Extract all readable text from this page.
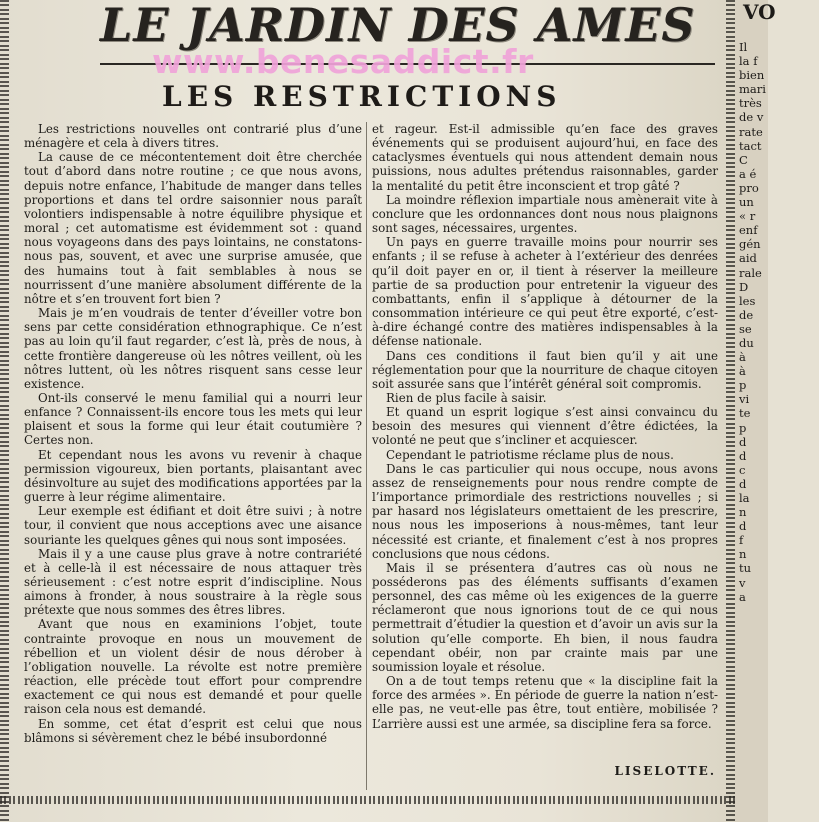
LE JARDIN DES AMES
LES RESTRICTIONS
www.benesaddict.fr

Les restrictions nouvelles ont contrarié plus d’une ménagère et cela à divers titres.

La cause de ce mécontentement doit être cherchée tout d’abord dans notre routine ; ce que nous avons, depuis notre enfance, l’habitude de manger dans telles proportions et dans tel ordre saisonnier nous paraît volontiers indispensable à notre équilibre physique et moral ; cet automatisme est évidemment sot : quand nous voyageons dans des pays lointains, ne constatons-nous pas, souvent, et avec une surprise amusée, que des humains tout à fait semblables à nous se nourrissent d’une manière absolument différente de la nôtre et s’en trouvent fort bien ?

Mais je m’en voudrais de tenter d’éveiller votre bon sens par cette considération ethnographique. Ce n’est pas au loin qu’il faut regarder, c’est là, près de nous, à cette frontière dangereuse où les nôtres veillent, où les nôtres luttent, où les nôtres risquent sans cesse leur existence.

Ont-ils conservé le menu familial qui a nourri leur enfance ? Connaissent-ils encore tous les mets qui leur plaisent et sous la forme qui leur était coutumière ? Certes non.

Et cependant nous les avons vu revenir à chaque permission vigoureux, bien portants, plaisantant avec désinvolture au sujet des modifications apportées par la guerre à leur régime alimentaire.

Leur exemple est édifiant et doit être suivi ; à notre tour, il convient que nous acceptions avec une aisance souriante les quelques gênes qui nous sont imposées.

Mais il y a une cause plus grave à notre contrariété et à celle-là il est nécessaire de nous attaquer très sérieusement : c’est notre esprit d’indiscipline. Nous aimons à fronder, à nous soustraire à la règle sous prétexte que nous sommes des êtres libres.

Avant que nous en examinions l’objet, toute contrainte provoque en nous un mouvement de rébellion et un violent désir de nous dérober à l’obligation nouvelle. La révolte est notre première réaction, elle précède tout effort pour comprendre exactement ce qui nous est demandé et pour quelle raison cela nous est demandé.

En somme, cet état d’esprit est celui que nous blâmons si sévèrement chez le bébé insubordonné

et rageur. Est-il admissible qu’en face des graves événements qui se produisent aujourd’hui, en face des cataclysmes éventuels qui nous attendent demain nous puissions, nous adultes prétendus raisonnables, garder la mentalité du petit être inconscient et trop gâté ?

La moindre réflexion impartiale nous amènerait vite à conclure que les ordonnances dont nous nous plaignons sont sages, nécessaires, urgentes.

Un pays en guerre travaille moins pour nourrir ses enfants ; il se refuse à acheter à l’extérieur des denrées qu’il doit payer en or, il tient à réserver la meilleure partie de sa production pour entretenir la vigueur des combattants, enfin il s’applique à détourner de la consommation intérieure ce qui peut être exporté, c’est-à-dire échangé contre des matières indispensables à la défense nationale.

Dans ces conditions il faut bien qu’il y ait une réglementation pour que la nourriture de chaque citoyen soit assurée sans que l’intérêt général soit compromis.

Rien de plus facile à saisir.

Et quand un esprit logique s’est ainsi convaincu du besoin des mesures qui viennent d’être édictées, la volonté ne peut que s’incliner et acquiescer.

Cependant le patriotisme réclame plus de nous.

Dans le cas particulier qui nous occupe, nous avons assez de renseignements pour nous rendre compte de l’importance primordiale des restrictions nouvelles ; si par hasard nos législateurs omettaient de les prescrire, nous nous les imposerions à nous-mêmes, tant leur nécessité est criante, et finalement c’est à nos propres conclusions que nous cédons.

Mais il se présentera d’autres cas où nous ne posséderons pas des éléments suffisants d’examen personnel, des cas même où les exigences de la guerre réclameront que nous ignorions tout de ce qui nous permettrait d’étudier la question et d’avoir un avis sur la solution qu’elle comporte. Eh bien, il nous faudra cependant obéir, non par crainte mais par une soumission loyale et résolue.

On a de tout temps retenu que « la discipline fait la force des armées ». En période de guerre la nation n’est-elle pas, ne veut-elle pas être, tout entière, mobilisée ? L’arrière aussi est une armée, sa discipline fera sa force.

LISELOTTE.
VO
Il
la f
bien
mari
très
de v
rate
tact
C
a é
pro
un
« r
enf
gén
aid
rale
D
les
de
se
du
à
à
p
vi
te
p
d
d
c
d
la
n
d
f
n
tu
v
a
